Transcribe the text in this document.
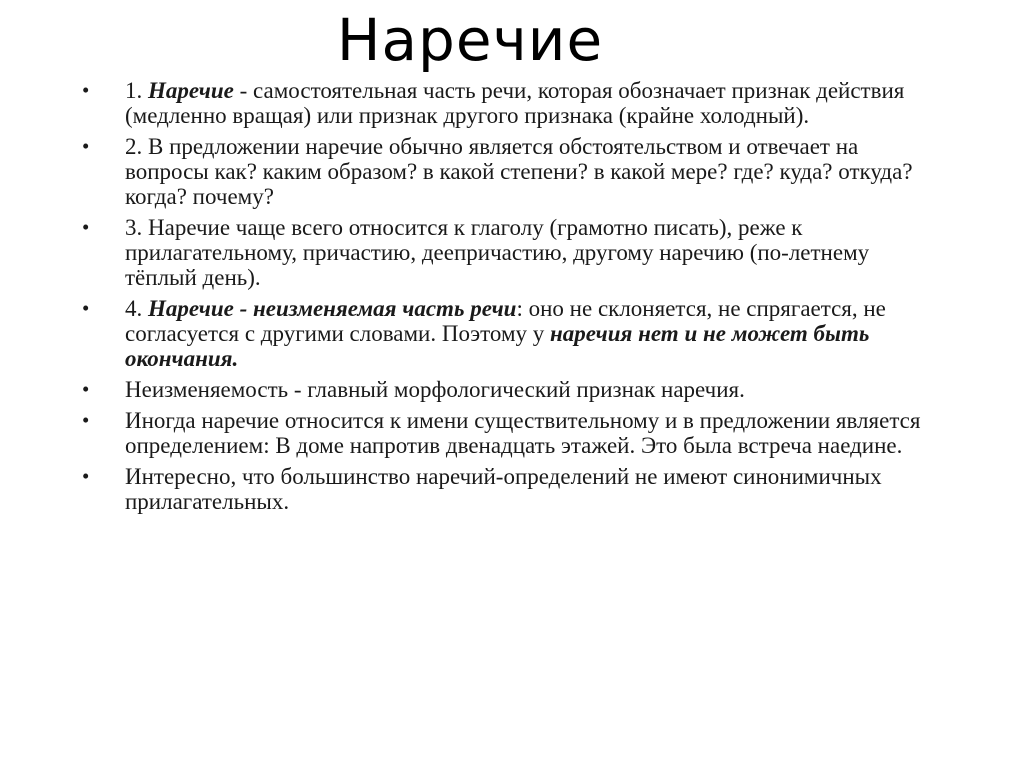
Наречие
•	1. Наречие - самостоятельная часть речи, которая обозначает признак действия (медленно вращая) или признак другого признака (крайне холодный).
•	2. В предложении наречие обычно является обстоятельством и отвечает на вопросы как? каким образом? в какой степени? в какой мере? где? куда? откуда? когда? почему?
•	3. Наречие чаще всего относится к глаголу (грамотно писать), реже к прилагательному, причастию, деепричастию, другому наречию (по-летнему тёплый день).
•	4. Наречие - неизменяемая часть речи: оно не склоняется, не спрягается, не согласуется с другими словами. Поэтому у наречия нет и не может быть окончания.
•	Неизменяемость - главный морфологический признак наречия.
•	Иногда наречие относится к имени существительному и в предложении является определением: В доме напротив двенадцать этажей. Это была встреча наедине.
•	Интересно, что большинство наречий-определений не имеют синонимичных прилагательных.
